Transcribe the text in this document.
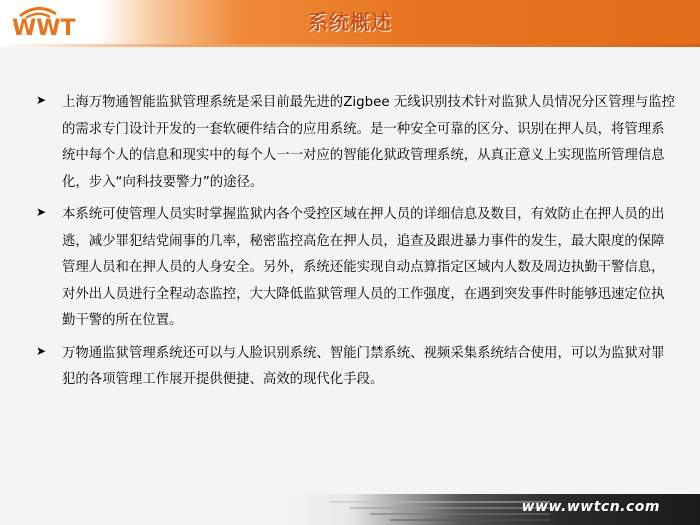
WWT	系统概述
➤ 上海万物通智能监狱管理系统是采目前最先进的Zigbee 无线识别技术针对监狱人员情况分区管理与监控的需求专门设计开发的一套软硬件结合的应用系统。是一种安全可靠的区分、识别在押人员，将管理系统中每个人的信息和现实中的每个人一一对应的智能化狱政管理系统，从真正意义上实现监所管理信息化，步入“向科技要警力”的途径。
➤ 本系统可使管理人员实时掌握监狱内各个受控区域在押人员的详细信息及数目，有效防止在押人员的出逃，减少罪犯结党闹事的几率，秘密监控高危在押人员，追查及跟进暴力事件的发生，最大限度的保障管理人员和在押人员的人身安全。另外，系统还能实现自动点算指定区域内人数及周边执勤干警信息，对外出人员进行全程动态监控，大大降低监狱管理人员的工作强度，在遇到突发事件时能够迅速定位执勤干警的所在位置。
➤ 万物通监狱管理系统还可以与人脸识别系统、智能门禁系统、视频采集系统结合使用，可以为监狱对罪犯的各项管理工作展开提供便捷、高效的现代化手段。
www.wwtcn.com
